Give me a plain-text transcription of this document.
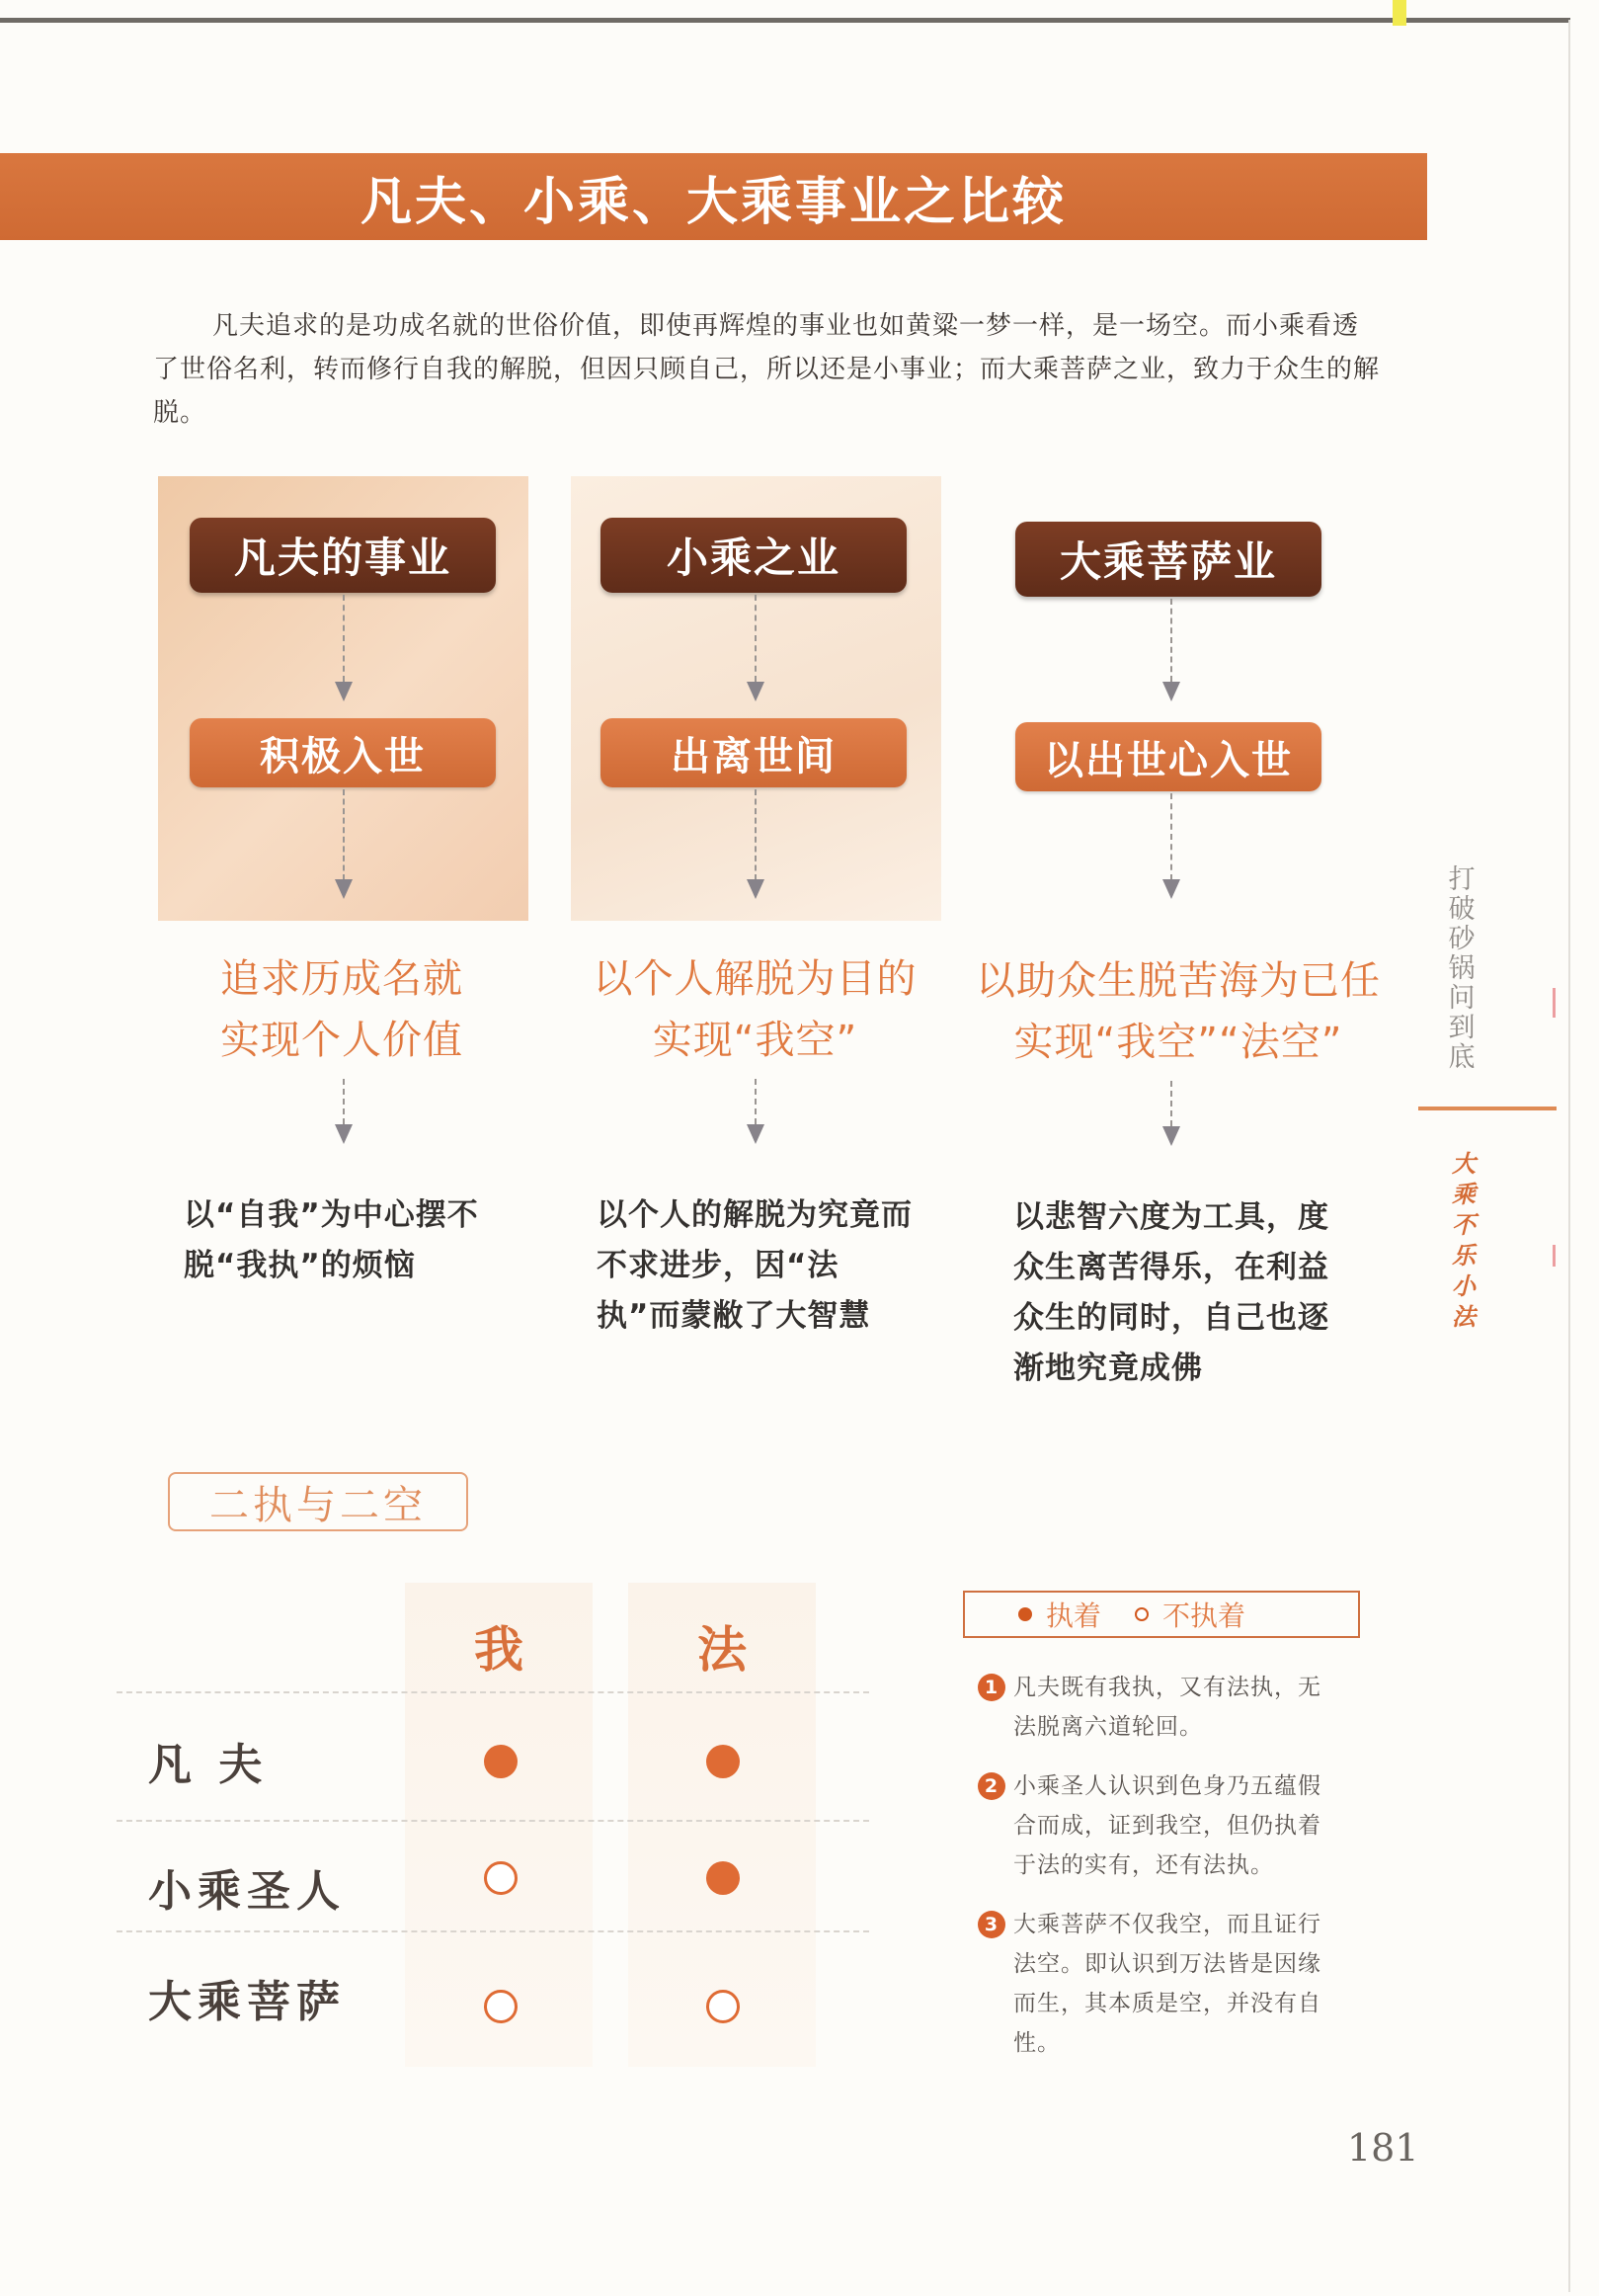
凡夫、小乘、大乘事业之比较

凡夫追求的是功成名就的世俗价值，即使再辉煌的事业也如黄粱一梦一样，是一场空。而小乘看透了世俗名利，转而修行自我的解脱，但因只顾自己，所以还是小事业；而大乘菩萨之业，致力于众生的解脱。

凡夫的事业
积极入世
追求历成名就
实现个人价值
以“自我”为中心摆不脱“我执”的烦恼
小乘之业
出离世间
以个人解脱为目的
实现“我空”
以个人的解脱为究竟而不求进步，因“法执”而蒙敝了大智慧
大乘菩萨业
以出世心入世
以助众生脱苦海为已任
实现“我空”“法空”
以悲智六度为工具，度众生离苦得乐，在利益众生的同时，自己也逐渐地究竟成佛
打破砂锅问到底
大乘不乐小法
二执与二空
我	法
凡 夫
小乘圣人
大乘菩萨
执着 不执着
1 凡夫既有我执，又有法执，无法脱离六道轮回。
2 小乘圣人认识到色身乃五蕴假合而成，证到我空，但仍执着于法的实有，还有法执。
3 大乘菩萨不仅我空，而且证行法空。即认识到万法皆是因缘而生，其本质是空，并没有自性。
181
